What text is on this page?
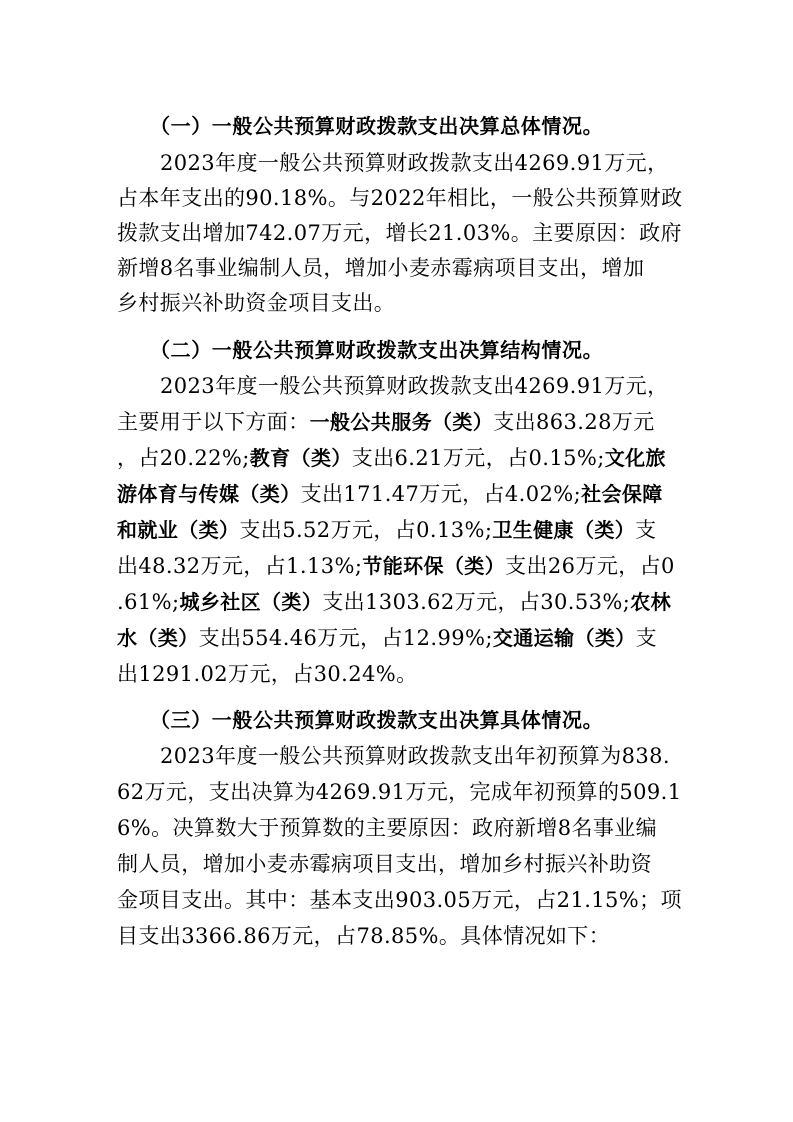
（一）一般公共预算财政拨款支出决算总体情况。
2023年度一般公共预算财政拨款支出4269.91万元，
占本年支出的90.18%。与2022年相比，一般公共预算财政
拨款支出增加742.07万元，增长21.03%。主要原因：政府
新增8名事业编制人员，增加小麦赤霉病项目支出，增加
乡村振兴补助资金项目支出。
（二）一般公共预算财政拨款支出决算结构情况。
2023年度一般公共预算财政拨款支出4269.91万元，
主要用于以下方面：一般公共服务（类）支出863.28万元
，占20.22%;教育（类）支出6.21万元，占0.15%;文化旅
游体育与传媒（类）支出171.47万元，占4.02%;社会保障
和就业（类）支出5.52万元，占0.13%;卫生健康（类）支
出48.32万元，占1.13%;节能环保（类）支出26万元，占0
.61%;城乡社区（类）支出1303.62万元，占30.53%;农林
水（类）支出554.46万元，占12.99%;交通运输（类）支
出1291.02万元，占30.24%。
（三）一般公共预算财政拨款支出决算具体情况。
2023年度一般公共预算财政拨款支出年初预算为838.
62万元，支出决算为4269.91万元，完成年初预算的509.1
6%。决算数大于预算数的主要原因：政府新增8名事业编
制人员，增加小麦赤霉病项目支出，增加乡村振兴补助资
金项目支出。其中：基本支出903.05万元，占21.15%；项
目支出3366.86万元，占78.85%。具体情况如下：
